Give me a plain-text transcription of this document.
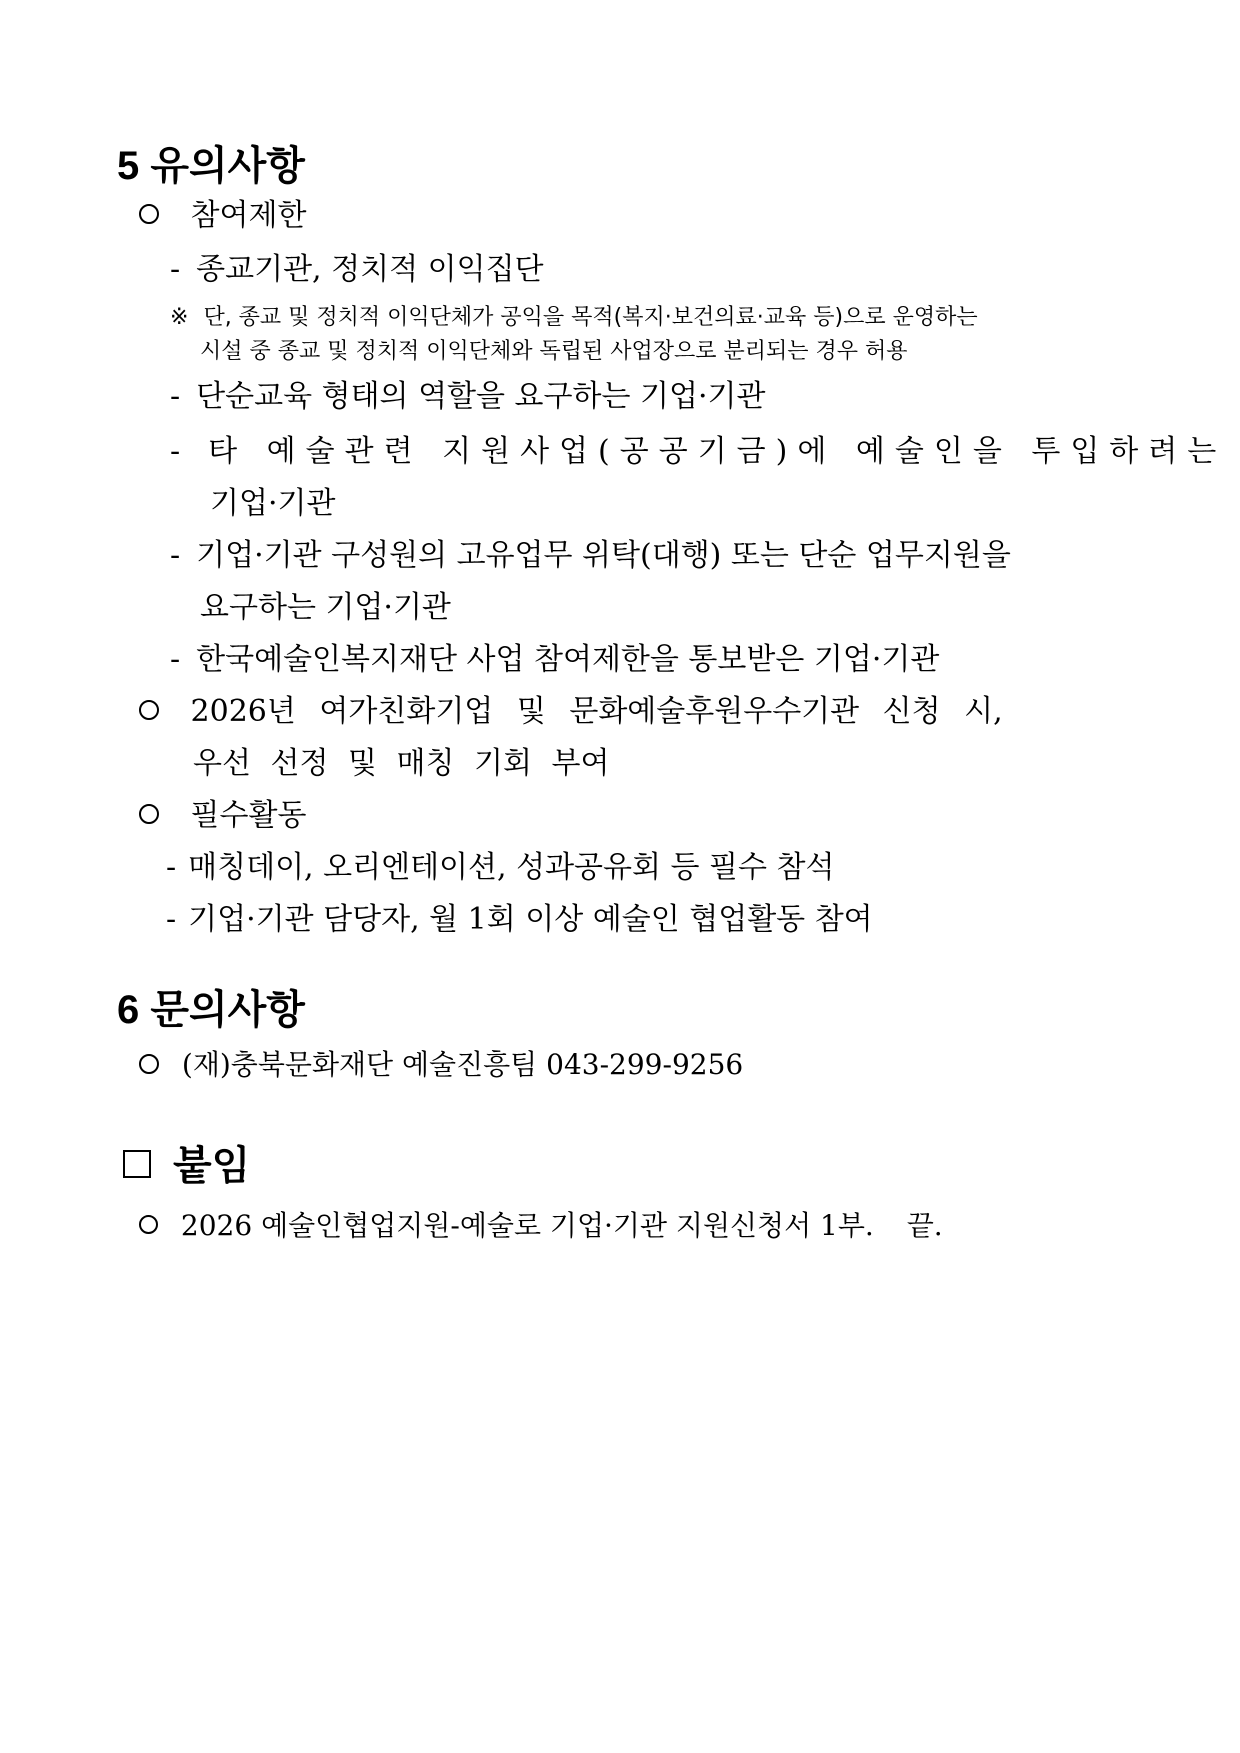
5 유의사항
참여제한
- 종교기관, 정치적 이익집단
※ 단, 종교 및 정치적 이익단체가 공익을 목적(복지·보건의료·교육 등)으로 운영하는
시설 중 종교 및 정치적 이익단체와 독립된 사업장으로 분리되는 경우 허용
- 단순교육 형태의 역할을 요구하는 기업·기관
- 타 예술관련 지원사업(공공기금)에 예술인을 투입하려는
기업·기관
- 기업·기관 구성원의 고유업무 위탁(대행) 또는 단순 업무지원을
요구하는 기업·기관
- 한국예술인복지재단 사업 참여제한을 통보받은 기업·기관
2026년 여가친화기업 및 문화예술후원우수기관 신청 시,
우선 선정 및 매칭 기회 부여
필수활동
- 매칭데이, 오리엔테이션, 성과공유회 등 필수 참석
- 기업·기관 담당자, 월 1회 이상 예술인 협업활동 참여
6 문의사항
(재)충북문화재단 예술진흥팀 043-299-9256
붙임
2026 예술인협업지원-예술로 기업·기관 지원신청서 1부. 끝.
